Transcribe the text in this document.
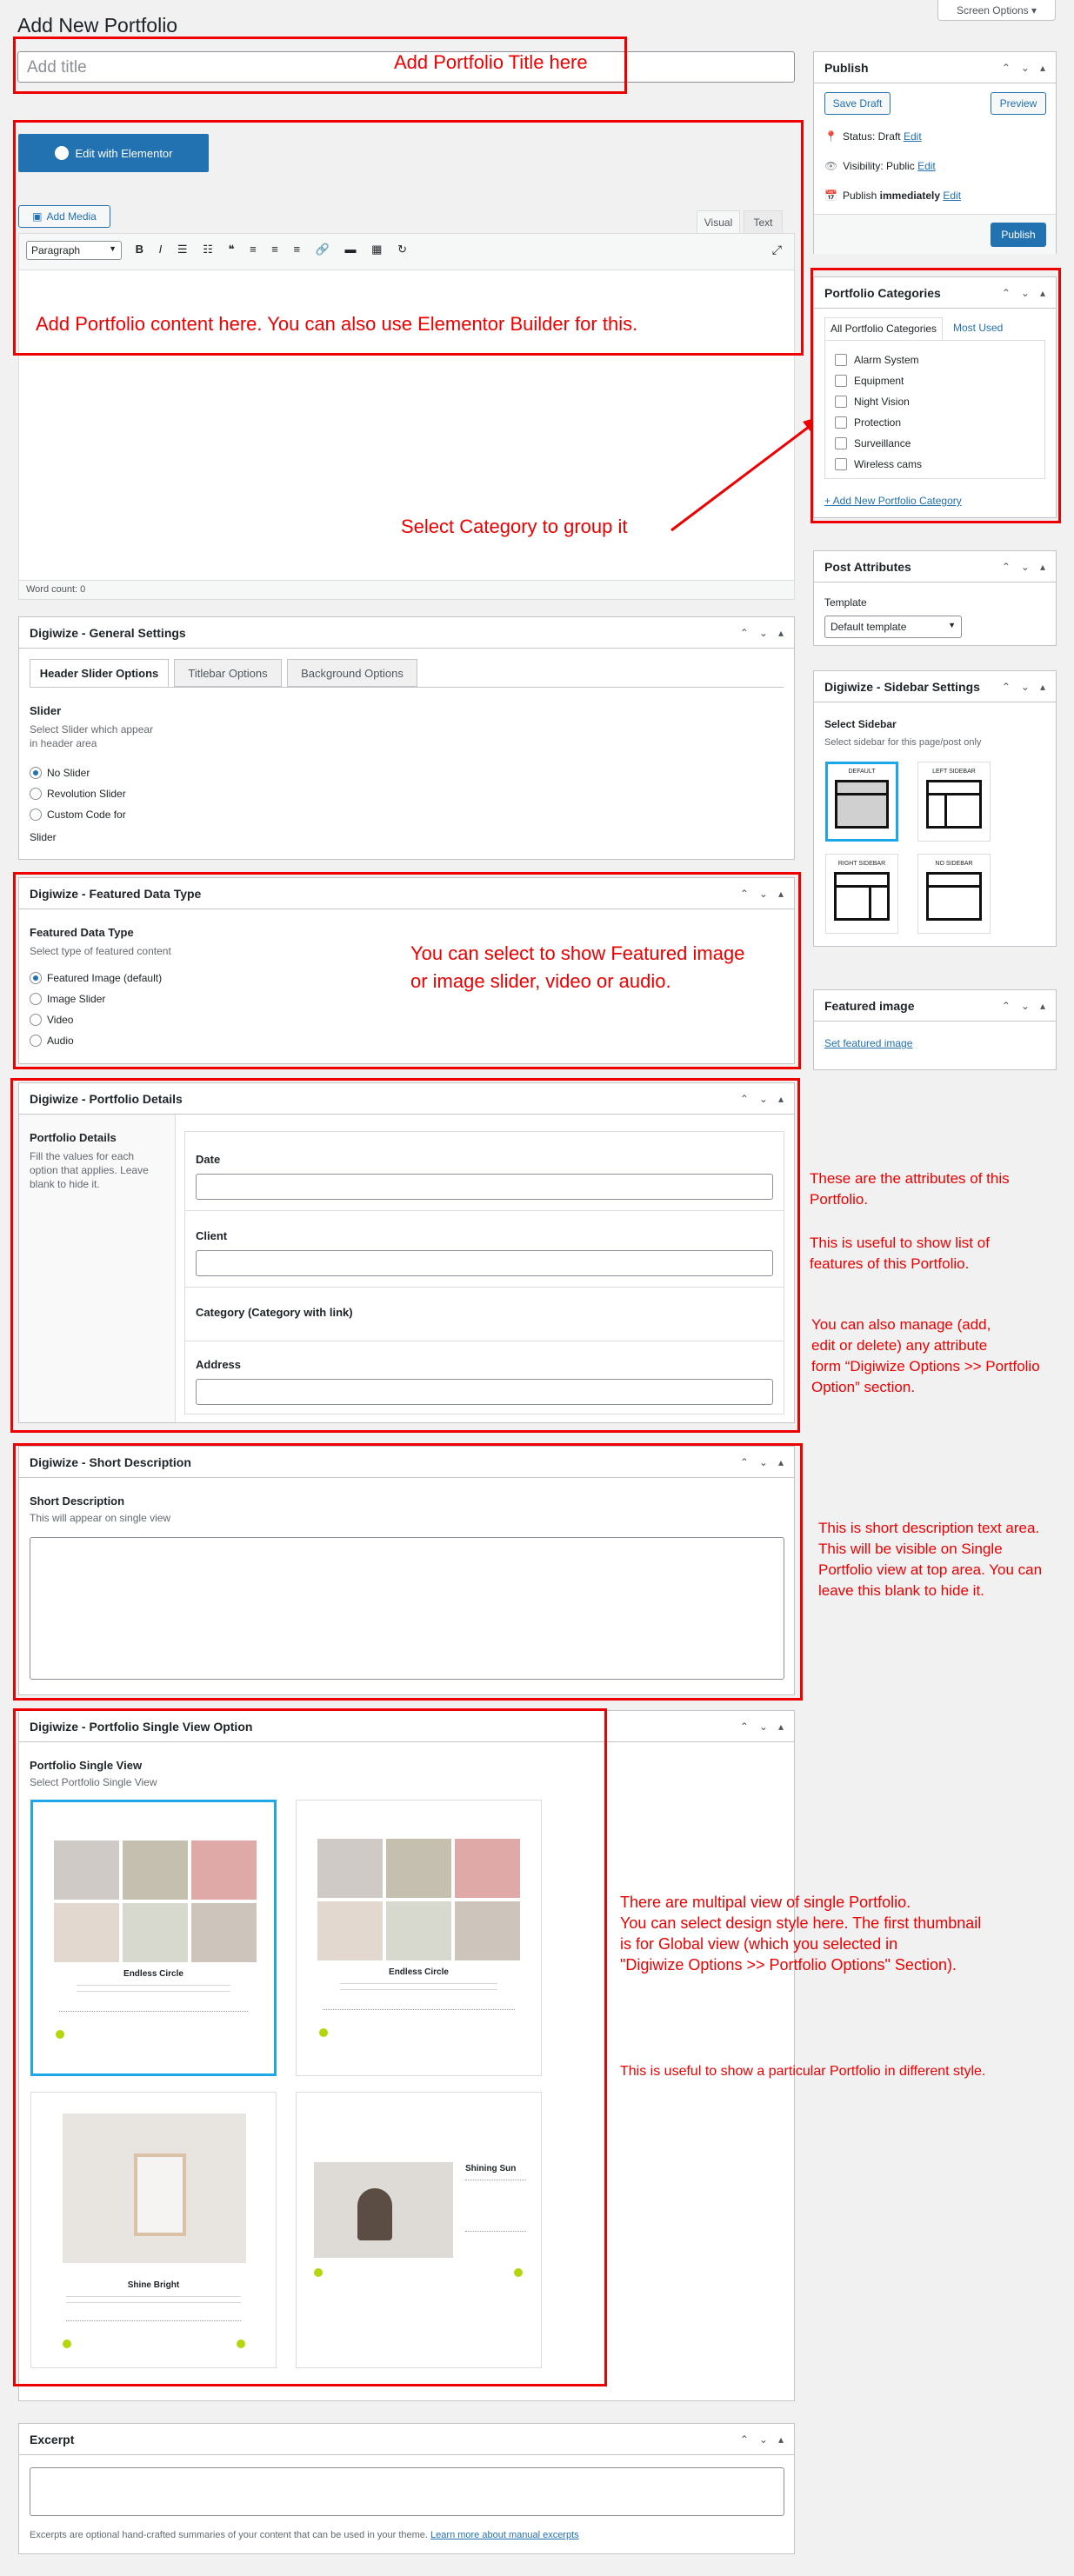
Add New Portfolio
Screen Options ▾
Add title	Add Portfolio Title here
Edit with Elementor
▣ Add Media	Visual	Text
Paragraph	▼ B I ☰ ☷ ❝ ≡ ≡ ≡ 🔗 ▬ ▦ ↻	⤢
Word count: 0
Add Portfolio content here. You can also use Elementor Builder for this.
Select Category to group it
Digiwize - General Settings	⌃ ⌄ ▴
Header Slider Options	Titlebar Options	Background Options
Slider
Select Slider which appear
in header area
No Slider
Revolution Slider
Custom Code for
Slider
Digiwize - Featured Data Type	⌃ ⌄ ▴
Featured Data Type
Select type of featured content
Featured Image (default)
Image Slider
Video
Audio
You can select to show Featured image
or image slider, video or audio.
Digiwize - Portfolio Details	⌃ ⌄ ▴
Portfolio Details
Fill the values for each
option that applies. Leave
blank to hide it.
Date
Client
Category (Category with link)
Address
These are the attributes of this
Portfolio.
This is useful to show list of
features of this Portfolio.
You can also manage (add,
edit or delete) any attribute
form “Digiwize Options >> Portfolio
Option” section.
Digiwize - Short Description	⌃ ⌄ ▴
Short Description
This will appear on single view
This is short description text area.
This will be visible on Single
Portfolio view at top area. You can
leave this blank to hide it.
Digiwize - Portfolio Single View Option	⌃ ⌄ ▴
Portfolio Single View
Select Portfolio Single View
Endless Circle	Endless Circle
Shine Bright
Shining Sun
There are multipal view of single Portfolio.
You can select design style here. The first thumbnail
is for Global view (which you selected in
"Digiwize Options >> Portfolio Options" Section).
This is useful to show a particular Portfolio in different style.
Excerpt	⌃ ⌄ ▴
Excerpts are optional hand-crafted summaries of your content that can be used in your theme. Learn more about manual excerpts
Publish	⌃ ⌄ ▴
Save Draft	Preview
📍 Status: Draft
Edit
👁 Visibility: Public
Edit
📅 Publish
immediately
Edit
Publish
Portfolio Categories	⌃ ⌄ ▴
All Portfolio Categories	Most Used
Alarm System
Equipment
Night Vision
Protection
Surveillance
Wireless cams
+ Add New Portfolio Category
Post Attributes	⌃ ⌄ ▴
Template
Default template	▼
Digiwize - Sidebar Settings ⌃ ⌄ ▴
Select Sidebar
Select sidebar for this page/post only
DEFAULT	LEFT SIDEBAR
RIGHT SIDEBAR	NO SIDEBAR
Featured image	⌃ ⌄ ▴
Set featured image
